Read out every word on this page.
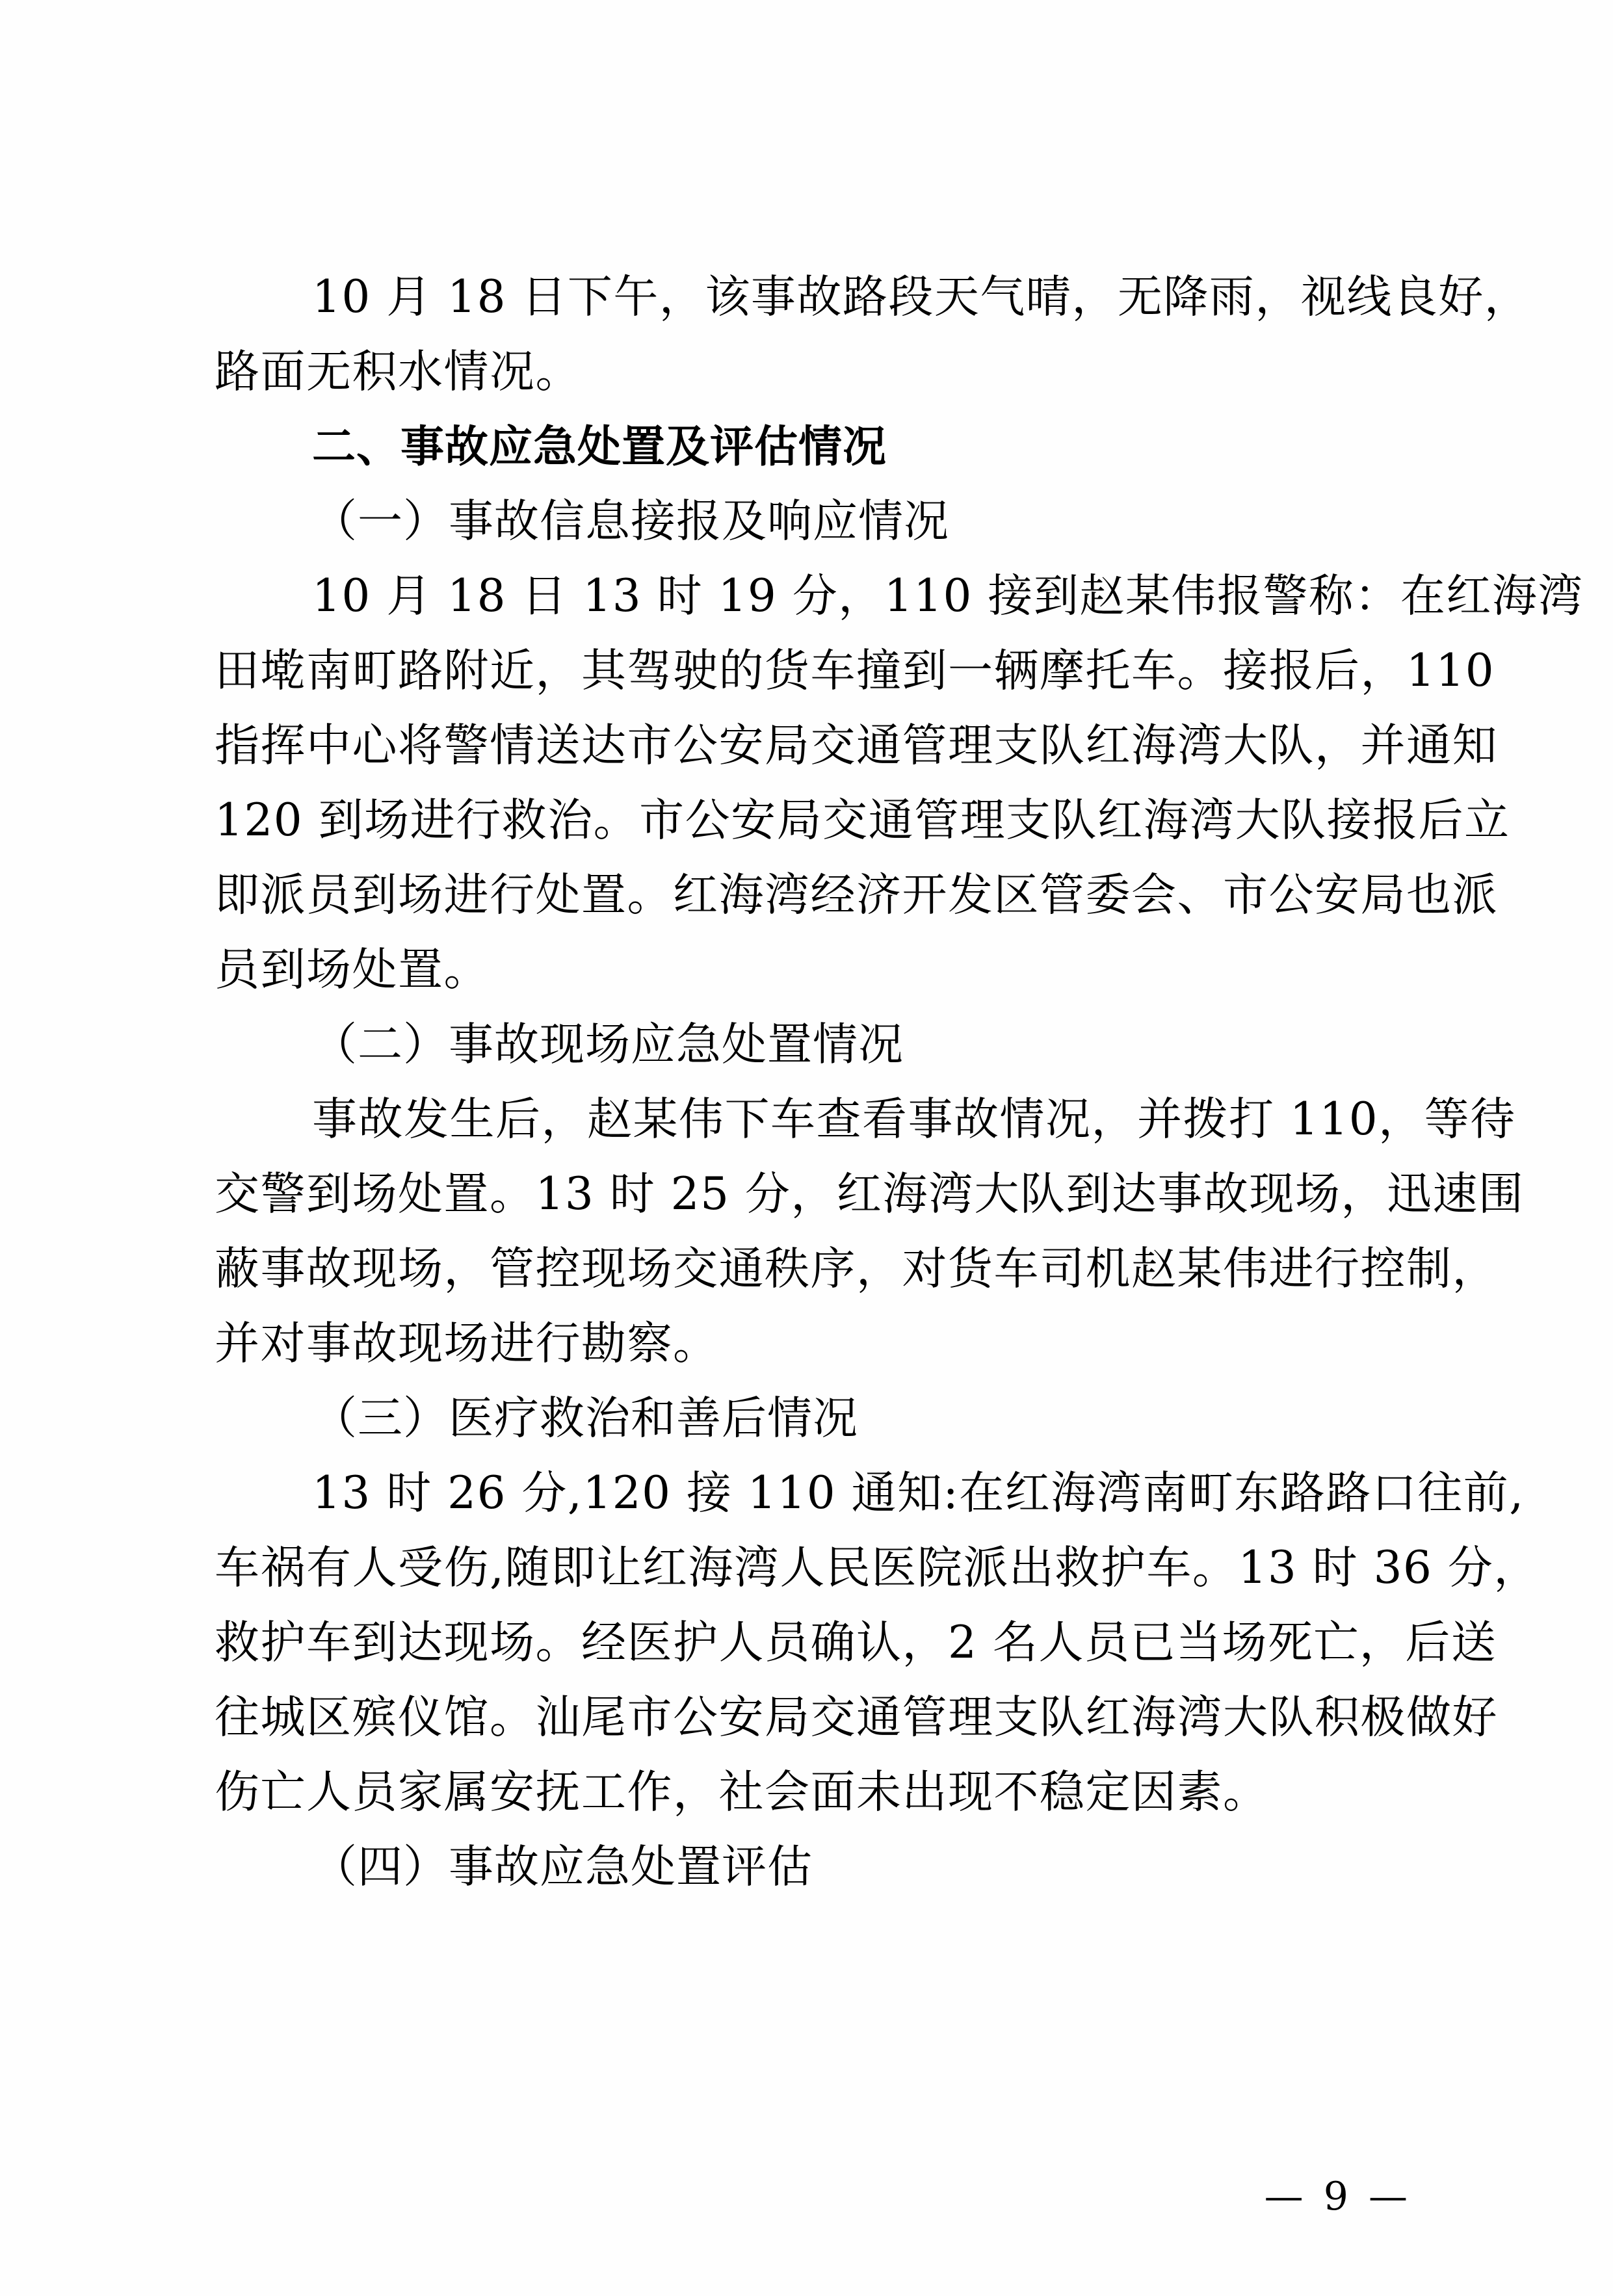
10 月 18 日下午，该事故路段天气晴，无降雨，视线良好，
路面无积水情况。
二、事故应急处置及评估情况
（一）事故信息接报及响应情况
10 月 18 日 13 时 19 分，110 接到赵某伟报警称：在红海湾
田墘南町路附近，其驾驶的货车撞到一辆摩托车。接报后，110
指挥中心将警情送达市公安局交通管理支队红海湾大队，并通知
120 到场进行救治。市公安局交通管理支队红海湾大队接报后立
即派员到场进行处置。红海湾经济开发区管委会、市公安局也派
员到场处置。
（二）事故现场应急处置情况
事故发生后，赵某伟下车查看事故情况，并拨打 110，等待
交警到场处置。13 时 25 分，红海湾大队到达事故现场，迅速围
蔽事故现场，管控现场交通秩序，对货车司机赵某伟进行控制，
并对事故现场进行勘察。
（三）医疗救治和善后情况
13 时 26 分,120 接 110 通知:在红海湾南町东路路口往前,
车祸有人受伤,随即让红海湾人民医院派出救护车。13 时 36 分，
救护车到达现场。经医护人员确认，2 名人员已当场死亡，后送
往城区殡仪馆。汕尾市公安局交通管理支队红海湾大队积极做好
伤亡人员家属安抚工作，社会面未出现不稳定因素。
（四）事故应急处置评估
— 9 —
